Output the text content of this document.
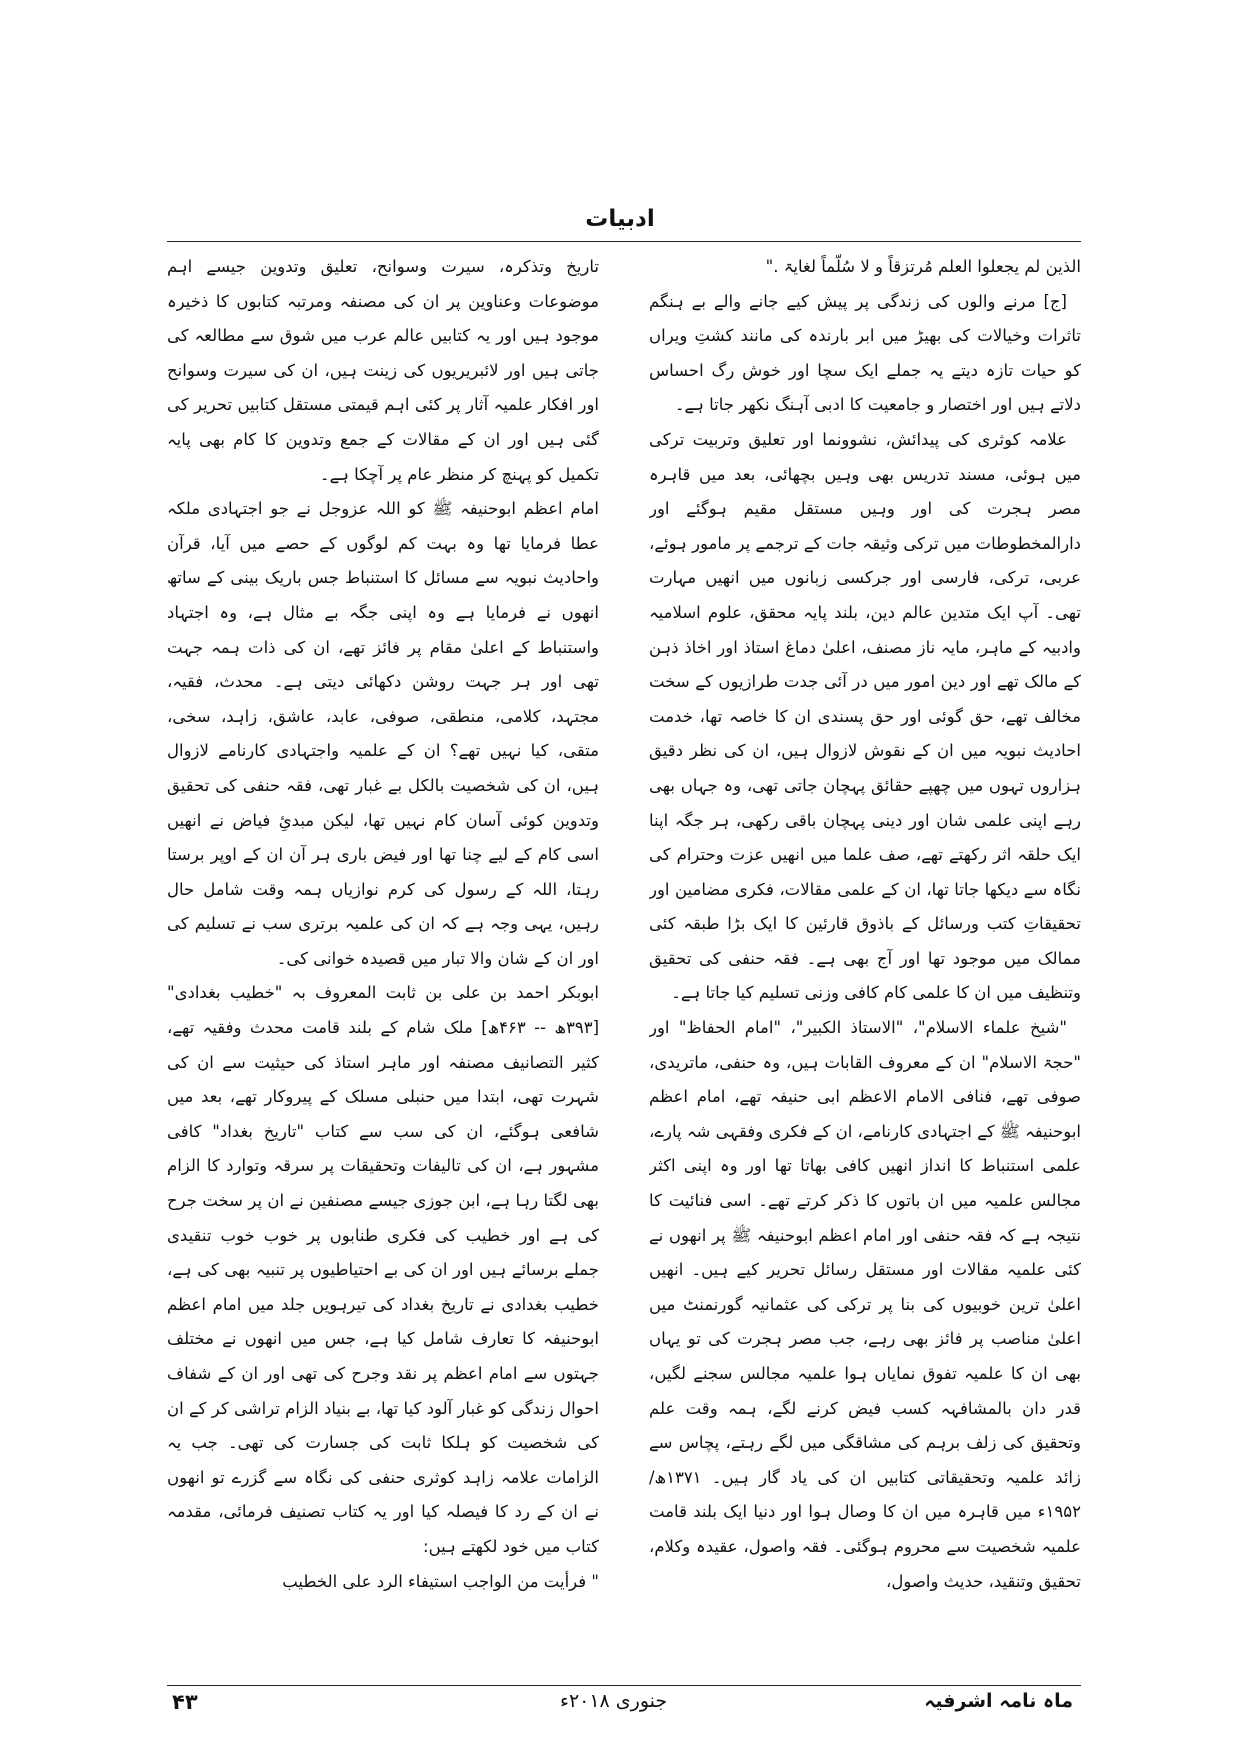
ادبیات

الذین لم یجعلوا العلم مُرتزقاً و لا سُلّماً لغایۃ ."

[ج] مرنے والوں کی زندگی پر پیش کیے جانے والے بے ہنگم تاثرات وخیالات کی بھیڑ میں ابر بارندہ کی مانند کشتِ ویراں کو حیات تازہ دیتے یہ جملے ایک سچا اور خوش رگ احساس دلاتے ہیں اور اختصار و جامعیت کا ادبی آہنگ نکھر جاتا ہے۔

علامہ کوثری کی پیدائش، نشوونما اور تعلیق وتربیت ترکی میں ہوئی، مسند تدریس بھی وہیں بچھائی، بعد میں قاہرہ مصر ہجرت کی اور وہیں مستقل مقیم ہوگئے اور دارالمخطوطات میں ترکی وثیقہ جات کے ترجمے پر مامور ہوئے، عربی، ترکی، فارسی اور جرکسی زبانوں میں انھیں مہارت تھی۔ آپ ایک متدین عالم دین، بلند پایہ محقق، علوم اسلامیہ وادبیہ کے ماہر، مایہ ناز مصنف، اعلیٰ دماغ استاذ اور اخاذ ذہن کے مالک تھے اور دین امور میں در آئی جدت طرازیوں کے سخت مخالف تھے، حق گوئی اور حق پسندی ان کا خاصہ تھا، خدمت احادیث نبویہ میں ان کے نقوش لازوال ہیں، ان کی نظر دقیق ہزاروں تہوں میں چھپے حقائق پہچان جاتی تھی، وہ جہاں بھی رہے اپنی علمی شان اور دینی پہچان باقی رکھی، ہر جگہ اپنا ایک حلقہ اثر رکھتے تھے، صف علما میں انھیں عزت وحترام کی نگاہ سے دیکھا جاتا تھا، ان کے علمی مقالات، فکری مضامین اور تحقیقاتِ کتب ورسائل کے باذوق قارئین کا ایک بڑا طبقہ کئی ممالک میں موجود تھا اور آج بھی ہے۔ فقہ حنفی کی تحقیق وتنظیف میں ان کا علمی کام کافی وزنی تسلیم کیا جاتا ہے۔

"شیخ علماء الاسلام"، "الاستاذ الکبیر"، "امام الحفاظ" اور "حجۃ الاسلام" ان کے معروف القابات ہیں، وہ حنفی، ماتریدی، صوفی تھے، فنافی الامام الاعظم ابی حنیفہ تھے، امام اعظم ابوحنیفہ ﷺ کے اجتہادی کارنامے، ان کے فکری وفقہی شہ پارے، علمی استنباط کا انداز انھیں کافی بھاتا تھا اور وہ اپنی اکثر مجالس علمیہ میں ان باتوں کا ذکر کرتے تھے۔ اسی فنائیت کا نتیجہ ہے کہ فقہ حنفی اور امام اعظم ابوحنیفہ ﷺ پر انھوں نے کئی علمیہ مقالات اور مستقل رسائل تحریر کیے ہیں۔ انھیں اعلیٰ ترین خوبیوں کی بنا پر ترکی کی عثمانیہ گورنمنٹ میں اعلیٰ مناصب پر فائز بھی رہے، جب مصر ہجرت کی تو یہاں بھی ان کا علمیہ تفوق نمایاں ہوا علمیہ مجالس سجنے لگیں، قدر دان بالمشافہہ کسب فیض کرنے لگے، ہمہ وقت علم وتحقیق کی زلف برہم کی مشاقگی میں لگے رہتے، پچاس سے زائد علمیہ وتحقیقاتی کتابیں ان کی یاد گار ہیں۔ ۱۳۷۱ھ/ ۱۹۵۲ء میں قاہرہ میں ان کا وصال ہوا اور دنیا ایک بلند قامت علمیہ شخصیت سے محروم ہوگئی۔ فقہ واصول، عقیدہ وکلام، تحقیق وتنقید، حدیث واصول،

تاریخ وتذکرہ، سیرت وسوانح، تعلیق وتدوین جیسے اہم موضوعات وعناوین پر ان کی مصنفہ ومرتبہ کتابوں کا ذخیرہ موجود ہیں اور یہ کتابیں عالم عرب میں شوق سے مطالعہ کی جاتی ہیں اور لائبریریوں کی زینت ہیں، ان کی سیرت وسوانح اور افکار علمیہ آثار پر کئی اہم قیمتی مستقل کتابیں تحریر کی گئی ہیں اور ان کے مقالات کے جمع وتدوین کا کام بھی پایہ تکمیل کو پہنچ کر منظر عام پر آچکا ہے۔

امام اعظم ابوحنیفہ ﷺ کو اللہ عزوجل نے جو اجتہادی ملکہ عطا فرمایا تھا وہ بہت کم لوگوں کے حصے میں آیا، قرآن واحادیث نبویہ سے مسائل کا استنباط جس باریک بینی کے ساتھ انھوں نے فرمایا ہے وہ اپنی جگہ بے مثال ہے، وہ اجتہاد واستنباط کے اعلیٰ مقام پر فائز تھے، ان کی ذات ہمہ جہت تھی اور ہر جہت روشن دکھائی دیتی ہے۔ محدث، فقیہ، مجتہد، کلامی، منطقی، صوفی، عابد، عاشق، زاہد، سخی، متقی، کیا نہیں تھے؟ ان کے علمیہ واجتہادی کارنامے لازوال ہیں، ان کی شخصیت بالکل بے غبار تھی، فقہ حنفی کی تحقیق وتدوین کوئی آسان کام نہیں تھا، لیکن مبدئِ فیاض نے انھیں اسی کام کے لیے چنا تھا اور فیض باری ہر آن ان کے اوپر برستا رہتا، اللہ کے رسول کی کرم نوازیاں ہمہ وقت شامل حال رہیں، یہی وجہ ہے کہ ان کی علمیہ برتری سب نے تسلیم کی اور ان کے شان والا تبار میں قصیدہ خوانی کی۔

ابوبکر احمد بن علی بن ثابت المعروف بہ "خطیب بغدادی" [۳۹۳ھ -- ۴۶۳ھ] ملک شام کے بلند قامت محدث وفقیہ تھے، کثیر التصانیف مصنفہ اور ماہر استاذ کی حیثیت سے ان کی شہرت تھی، ابتدا میں حنبلی مسلک کے پیروکار تھے، بعد میں شافعی ہوگئے، ان کی سب سے کتاب "تاریخ بغداد" کافی مشہور ہے، ان کی تالیفات وتحقیقات پر سرقہ وتوارد کا الزام بھی لگتا رہا ہے، ابن جوزی جیسے مصنفین نے ان پر سخت جرح کی ہے اور خطیب کی فکری طنابوں پر خوب خوب تنقیدی جملے برسائے ہیں اور ان کی بے احتیاطیوں پر تنبیہ بھی کی ہے، خطیب بغدادی نے تاریخ بغداد کی تیرہویں جلد میں امام اعظم ابوحنیفہ کا تعارف شامل کیا ہے، جس میں انھوں نے مختلف جہتوں سے امام اعظم پر نقد وجرح کی تھی اور ان کے شفاف احوال زندگی کو غبار آلود کیا تھا، بے بنیاد الزام تراشی کر کے ان کی شخصیت کو ہلکا ثابت کی جسارت کی تھی۔ جب یہ الزامات علامہ زاہد کوثری حنفی کی نگاہ سے گزرے تو انھوں نے ان کے رد کا فیصلہ کیا اور یہ کتاب تصنیف فرمائی، مقدمہ کتاب میں خود لکھتے ہیں:

" فرأيت من الواجب استيفاء الرد على الخطيب

ماہ نامہ اشرفیہ
جنوری ۲۰۱۸ء
۴۳
